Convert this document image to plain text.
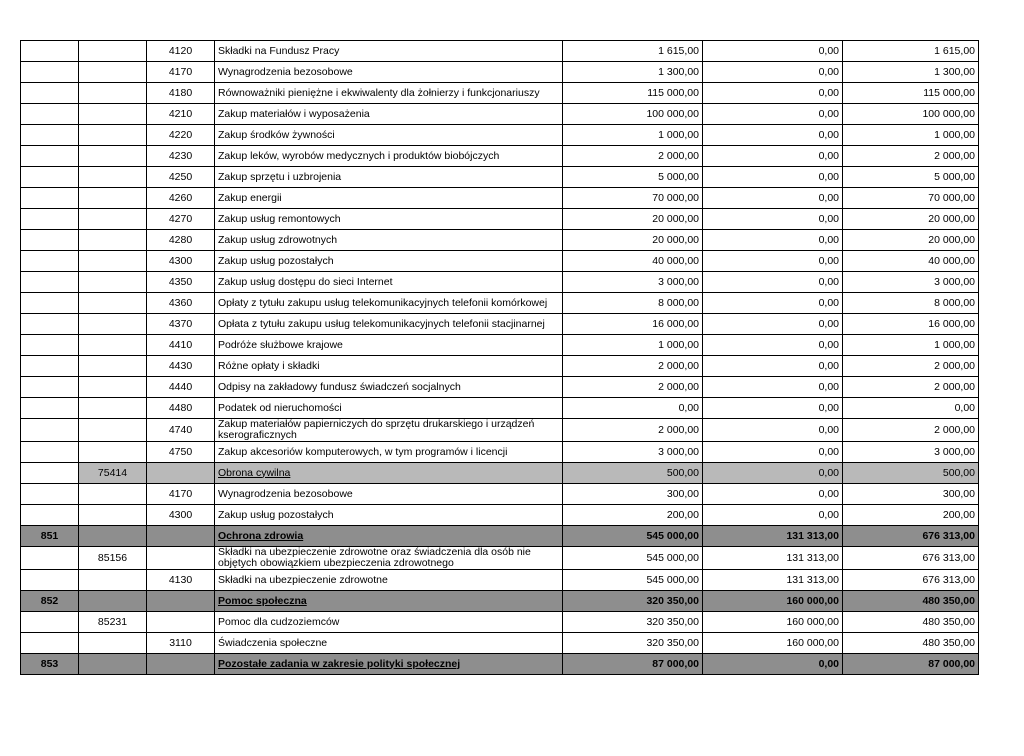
		4120	Składki na Fundusz Pracy	1 615,00	0,00	1 615,00
		4170	Wynagrodzenia bezosobowe	1 300,00	0,00	1 300,00
		4180	Równoważniki pieniężne i ekwiwalenty dla żołnierzy i funkcjonariuszy	115 000,00	0,00	115 000,00
		4210	Zakup materiałów i wyposażenia	100 000,00	0,00	100 000,00
		4220	Zakup środków żywności	1 000,00	0,00	1 000,00
		4230	Zakup leków, wyrobów medycznych i produktów biobójczych	2 000,00	0,00	2 000,00
		4250	Zakup sprzętu i uzbrojenia	5 000,00	0,00	5 000,00
		4260	Zakup energii	70 000,00	0,00	70 000,00
		4270	Zakup usług remontowych	20 000,00	0,00	20 000,00
		4280	Zakup usług zdrowotnych	20 000,00	0,00	20 000,00
		4300	Zakup usług pozostałych	40 000,00	0,00	40 000,00
		4350	Zakup usług dostępu do sieci Internet	3 000,00	0,00	3 000,00
		4360	Opłaty z tytułu zakupu usług telekomunikacyjnych telefonii komórkowej	8 000,00	0,00	8 000,00
		4370	Opłata z tytułu zakupu usług telekomunikacyjnych telefonii stacjinarnej	16 000,00	0,00	16 000,00
		4410	Podróże służbowe krajowe	1 000,00	0,00	1 000,00
		4430	Różne opłaty i składki	2 000,00	0,00	2 000,00
		4440	Odpisy na zakładowy fundusz świadczeń socjalnych	2 000,00	0,00	2 000,00
		4480	Podatek od nieruchomości	0,00	0,00	0,00
		4740	Zakup materiałów papierniczych do sprzętu drukarskiego i urządzeń kserograficznych	2 000,00	0,00	2 000,00
		4750	Zakup akcesoriów komputerowych, w tym programów i licencji	3 000,00	0,00	3 000,00
	75414		Obrona cywilna	500,00	0,00	500,00
		4170	Wynagrodzenia bezosobowe	300,00	0,00	300,00
		4300	Zakup usług pozostałych	200,00	0,00	200,00
851			Ochrona zdrowia	545 000,00	131 313,00	676 313,00
	85156		Składki na ubezpieczenie zdrowotne oraz świadczenia dla osób nie objętych obowiązkiem ubezpieczenia zdrowotnego	545 000,00	131 313,00	676 313,00
		4130	Składki na ubezpieczenie zdrowotne	545 000,00	131 313,00	676 313,00
852			Pomoc społeczna	320 350,00	160 000,00	480 350,00
	85231		Pomoc dla cudzoziemców	320 350,00	160 000,00	480 350,00
		3110	Świadczenia społeczne	320 350,00	160 000,00	480 350,00
853			Pozostałe zadania w zakresie polityki społecznej	87 000,00	0,00	87 000,00
